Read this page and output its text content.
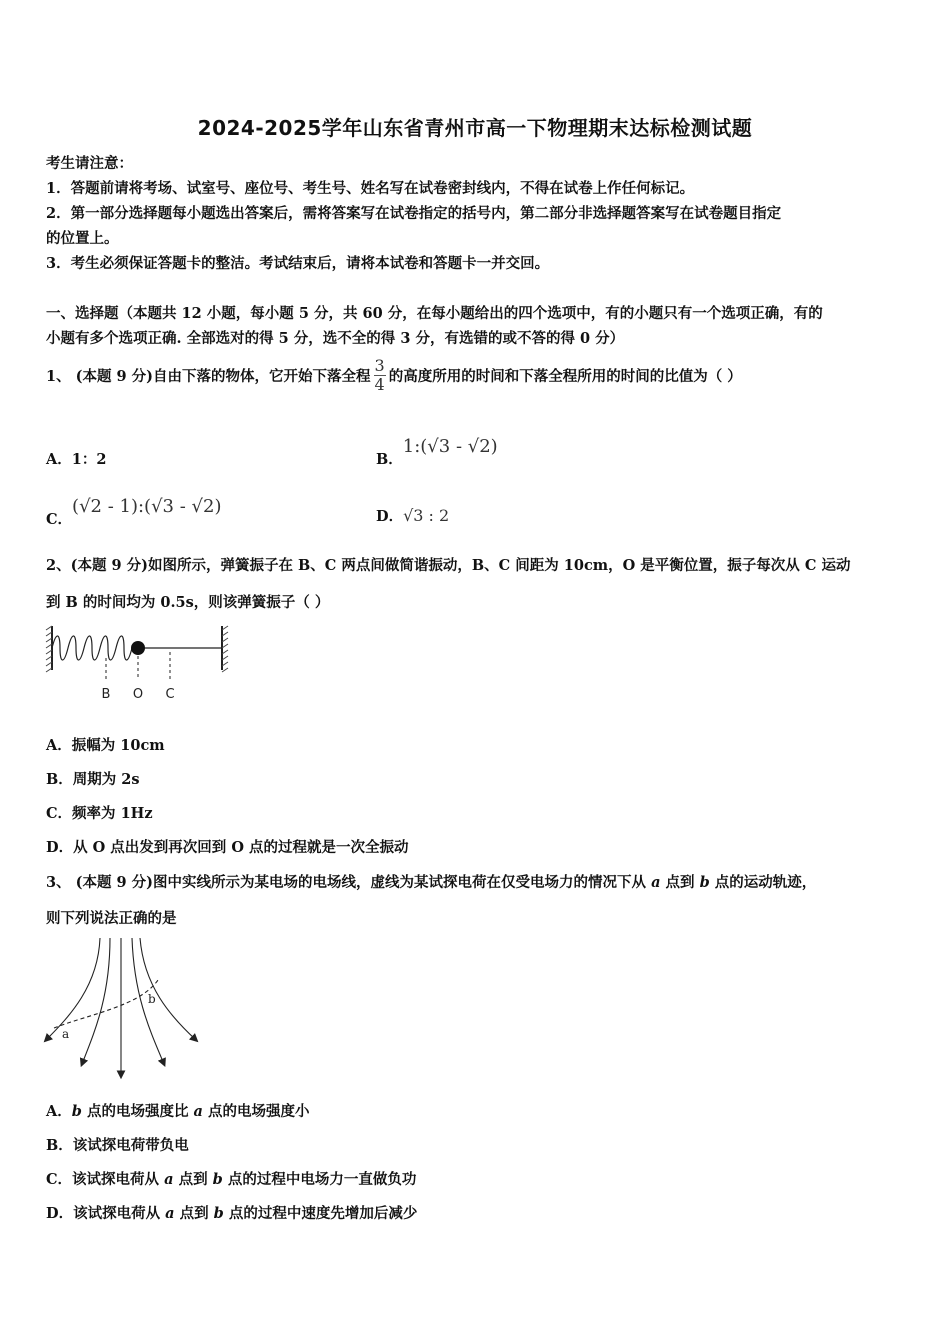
2024-2025学年山东省青州市高一下物理期末达标检测试题
考生请注意：
1．答题前请将考场、试室号、座位号、考生号、姓名写在试卷密封线内，不得在试卷上作任何标记。
2．第一部分选择题每小题选出答案后，需将答案写在试卷指定的括号内，第二部分非选择题答案写在试卷题目指定
的位置上。
3．考生必须保证答题卡的整洁。考试结束后，请将本试卷和答题卡一并交回。
一、选择题（本题共 12 小题，每小题 5 分，共 60 分，在每小题给出的四个选项中，有的小题只有一个选项正确，有的
小题有多个选项正确. 全部选对的得 5 分，选不全的得 3 分，有选错的或不答的得 0 分）
1、 (本题 9 分)自由下落的物体，它开始下落全程 $\frac{3}{4}$ 的高度所用的时间和下落全程所用的时间的比值为（ ）
A．1：2	B．1:(√3 - √2)
C．(√2 - 1):(√3 - √2)	D．√3 : 2
2、(本题 9 分)如图所示，弹簧振子在 B、C 两点间做简谐振动，B、C 间距为 10cm，O 是平衡位置，振子每次从 C 运动
到 B 的时间均为 0.5s，则该弹簧振子（ ）
B O C
A．振幅为 10cm
B．周期为 2s
C．频率为 1Hz
D．从 O 点出发到再次回到 O 点的过程就是一次全振动
3、 (本题 9 分)图中实线所示为某电场的电场线，虚线为某试探电荷在仅受电场力的情况下从 a 点到 b 点的运动轨迹，
则下列说法正确的是
a
b
A．b 点的电场强度比 a 点的电场强度小
B．该试探电荷带负电
C．该试探电荷从 a 点到 b 点的过程中电场力一直做负功
D．该试探电荷从 a 点到 b 点的过程中速度先增加后减少
